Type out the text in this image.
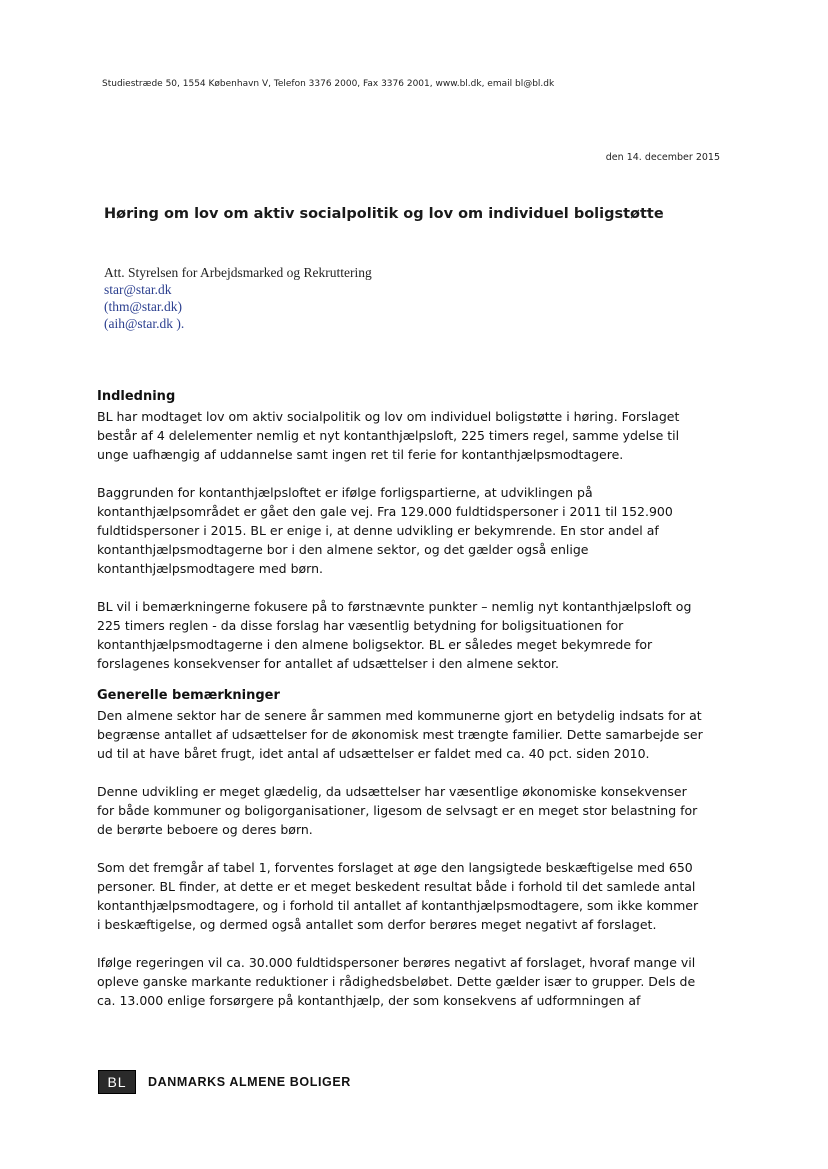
Studiestræde 50, 1554 København V, Telefon 3376 2000, Fax 3376 2001, www.bl.dk, email bl@bl.dk
den 14. december 2015
Høring om lov om aktiv socialpolitik og lov om individuel boligstøtte
Att. Styrelsen for Arbejdsmarked og Rekruttering
star@star.dk
(thm@star.dk)
(aih@star.dk ).
Indledning

BL har modtaget lov om aktiv socialpolitik og lov om individuel boligstøtte i høring. Forslaget
består af 4 delelementer nemlig et nyt kontanthjælpsloft, 225 timers regel, samme ydelse til
unge uafhængig af uddannelse samt ingen ret til ferie for kontanthjælpsmodtagere.

Baggrunden for kontanthjælpsloftet er ifølge forligspartierne, at udviklingen på
kontanthjælpsområdet er gået den gale vej. Fra 129.000 fuldtidspersoner i 2011 til 152.900
fuldtidspersoner i 2015. BL er enige i, at denne udvikling er bekymrende. En stor andel af
kontanthjælpsmodtagerne bor i den almene sektor, og det gælder også enlige
kontanthjælpsmodtagere med børn.

BL vil i bemærkningerne fokusere på to førstnævnte punkter – nemlig nyt kontanthjælpsloft og
225 timers reglen - da disse forslag har væsentlig betydning for boligsituationen for
kontanthjælpsmodtagerne i den almene boligsektor. BL er således meget bekymrede for
forslagenes konsekvenser for antallet af udsættelser i den almene sektor.

Generelle bemærkninger

Den almene sektor har de senere år sammen med kommunerne gjort en betydelig indsats for at
begrænse antallet af udsættelser for de økonomisk mest trængte familier. Dette samarbejde ser
ud til at have båret frugt, idet antal af udsættelser er faldet med ca. 40 pct. siden 2010.

Denne udvikling er meget glædelig, da udsættelser har væsentlige økonomiske konsekvenser
for både kommuner og boligorganisationer, ligesom de selvsagt er en meget stor belastning for
de berørte beboere og deres børn.

Som det fremgår af tabel 1, forventes forslaget at øge den langsigtede beskæftigelse med 650
personer. BL finder, at dette er et meget beskedent resultat både i forhold til det samlede antal
kontanthjælpsmodtagere, og i forhold til antallet af kontanthjælpsmodtagere, som ikke kommer
i beskæftigelse, og dermed også antallet som derfor berøres meget negativt af forslaget.

Ifølge regeringen vil ca. 30.000 fuldtidspersoner berøres negativt af forslaget, hvoraf mange vil
opleve ganske markante reduktioner i rådighedsbeløbet. Dette gælder især to grupper. Dels de
ca. 13.000 enlige forsørgere på kontanthjælp, der som konsekvens af udformningen af

BL	DANMARKS ALMENE BOLIGER
